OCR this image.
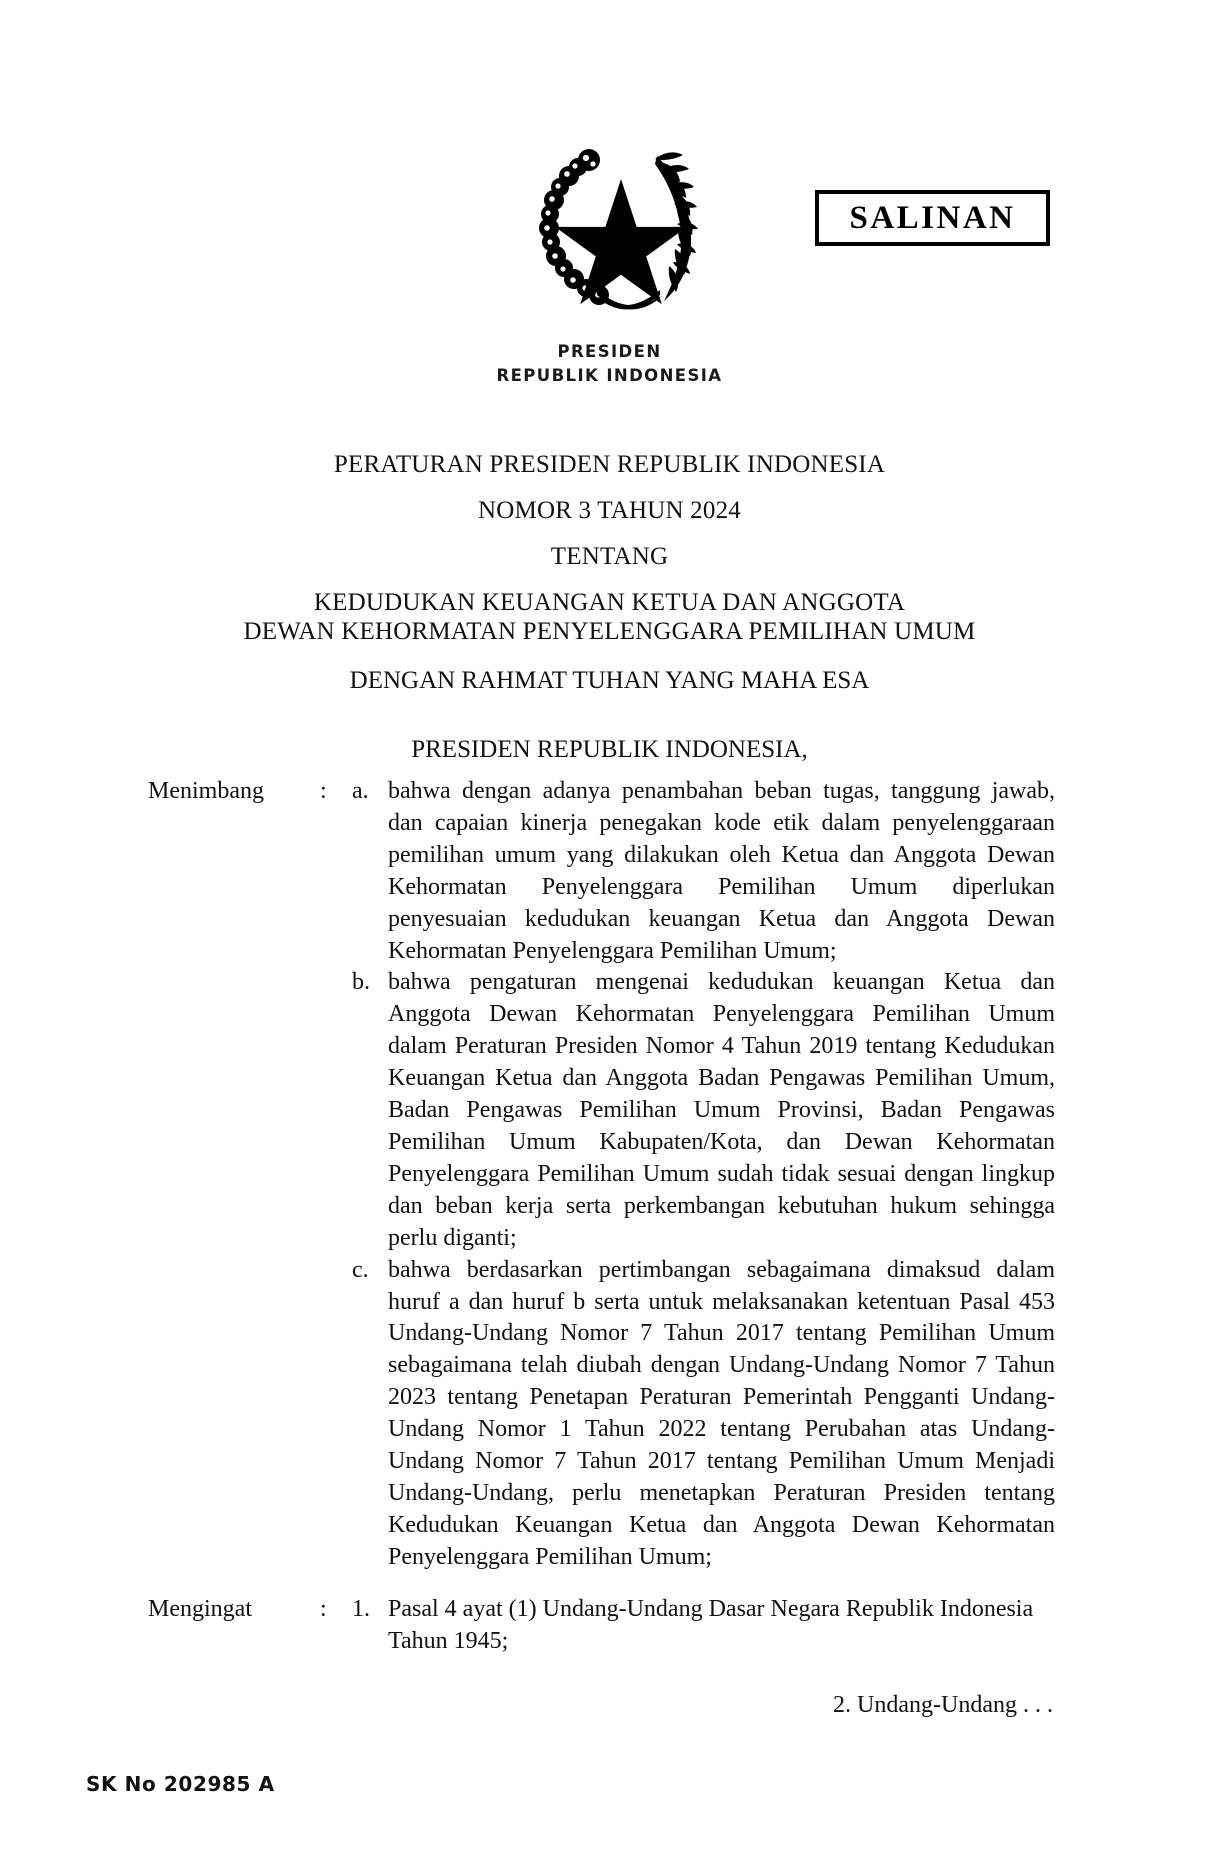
SALINAN
PRESIDEN
REPUBLIK INDONESIA
PERATURAN PRESIDEN REPUBLIK INDONESIA
NOMOR 3 TAHUN 2024
TENTANG
KEDUDUKAN KEUANGAN KETUA DAN ANGGOTA
DEWAN KEHORMATAN PENYELENGGARA PEMILIHAN UMUM
DENGAN RAHMAT TUHAN YANG MAHA ESA
PRESIDEN REPUBLIK INDONESIA,
Menimbang	:	a. bahwa dengan adanya penambahan beban tugas, tanggung jawab, dan capaian kinerja penegakan kode etik dalam penyelenggaraan pemilihan umum yang dilakukan oleh Ketua dan Anggota Dewan Kehormatan Penyelenggara Pemilihan Umum diperlukan penyesuaian kedudukan keuangan Ketua dan Anggota Dewan Kehormatan Penyelenggara Pemilihan Umum;
b. bahwa pengaturan mengenai kedudukan keuangan Ketua dan Anggota Dewan Kehormatan Penyelenggara Pemilihan Umum dalam Peraturan Presiden Nomor 4 Tahun 2019 tentang Kedudukan Keuangan Ketua dan Anggota Badan Pengawas Pemilihan Umum, Badan Pengawas Pemilihan Umum Provinsi, Badan Pengawas Pemilihan Umum Kabupaten/Kota, dan Dewan Kehormatan Penyelenggara Pemilihan Umum sudah tidak sesuai dengan lingkup dan beban kerja serta perkembangan kebutuhan hukum sehingga perlu diganti;
c. bahwa berdasarkan pertimbangan sebagaimana dimaksud dalam huruf a dan huruf b serta untuk melaksanakan ketentuan Pasal 453 Undang-Undang Nomor 7 Tahun 2017 tentang Pemilihan Umum sebagaimana telah diubah dengan Undang-Undang Nomor 7 Tahun 2023 tentang Penetapan Peraturan Pemerintah Pengganti Undang-Undang Nomor 1 Tahun 2022 tentang Perubahan atas Undang-Undang Nomor 7 Tahun 2017 tentang Pemilihan Umum Menjadi Undang-Undang, perlu menetapkan Peraturan Presiden tentang Kedudukan Keuangan Ketua dan Anggota Dewan Kehormatan Penyelenggara Pemilihan Umum;
Mengingat	:	1. Pasal 4 ayat (1) Undang-Undang Dasar Negara Republik Indonesia Tahun 1945;
2. Undang-Undang . . .
SK No 202985 A
